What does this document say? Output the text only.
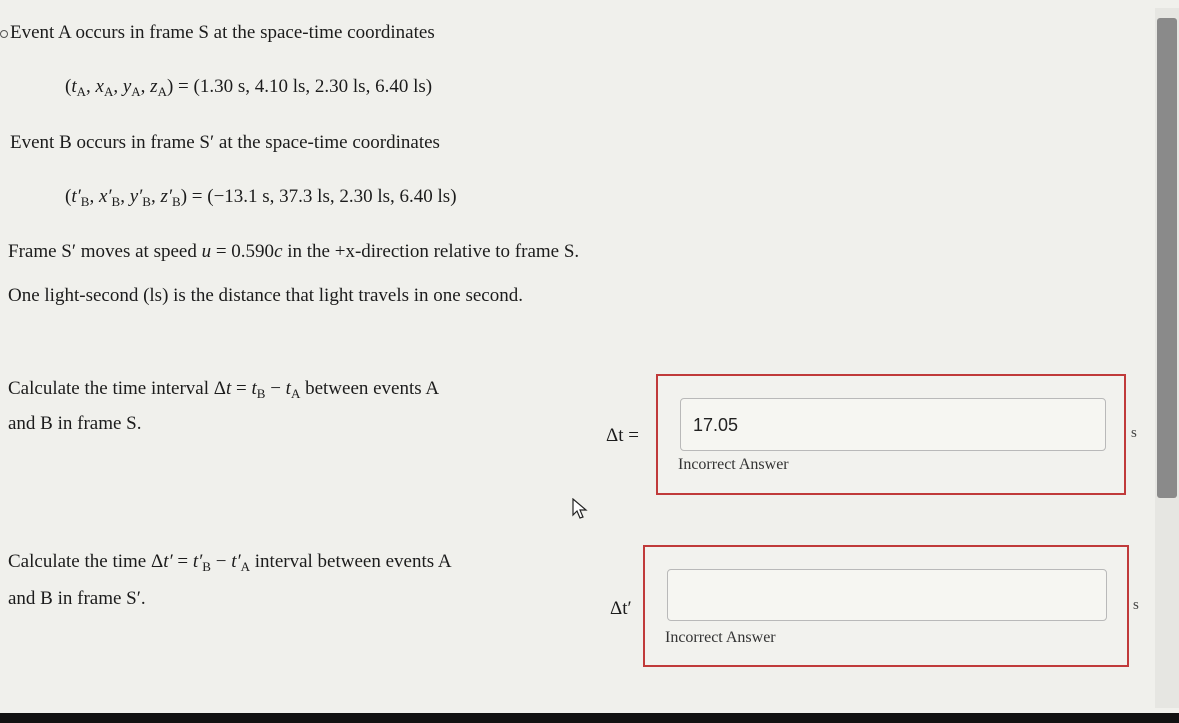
Event A occurs in frame S at the space-time coordinates
($t_A$, $x_A$, $y_A$, $z_A) = (1.30$ s, 4.10 ls, 2.30 ls, 6.40 ls)
Event B occurs in frame S′ at the space-time coordinates
($t'_B$, $x'_B$, $y'_B$, $z'_B) = (-13.1$ s, 37.3 ls, 2.30 ls, 6.40 ls)
Frame S′ moves at speed u = 0.590c in the +x-direction relative to frame S.
One light-second (ls) is the distance that light travels in one second.
Calculate the time interval $\Delta t = t_B - t_A$ between events A
and B in frame S.
Δt =	17.05
Incorrect Answer
s
Calculate the time $\Delta t' = t'_B - t'_A$ interval between events A
and B in frame S′.	Δt′
Incorrect Answer
s
